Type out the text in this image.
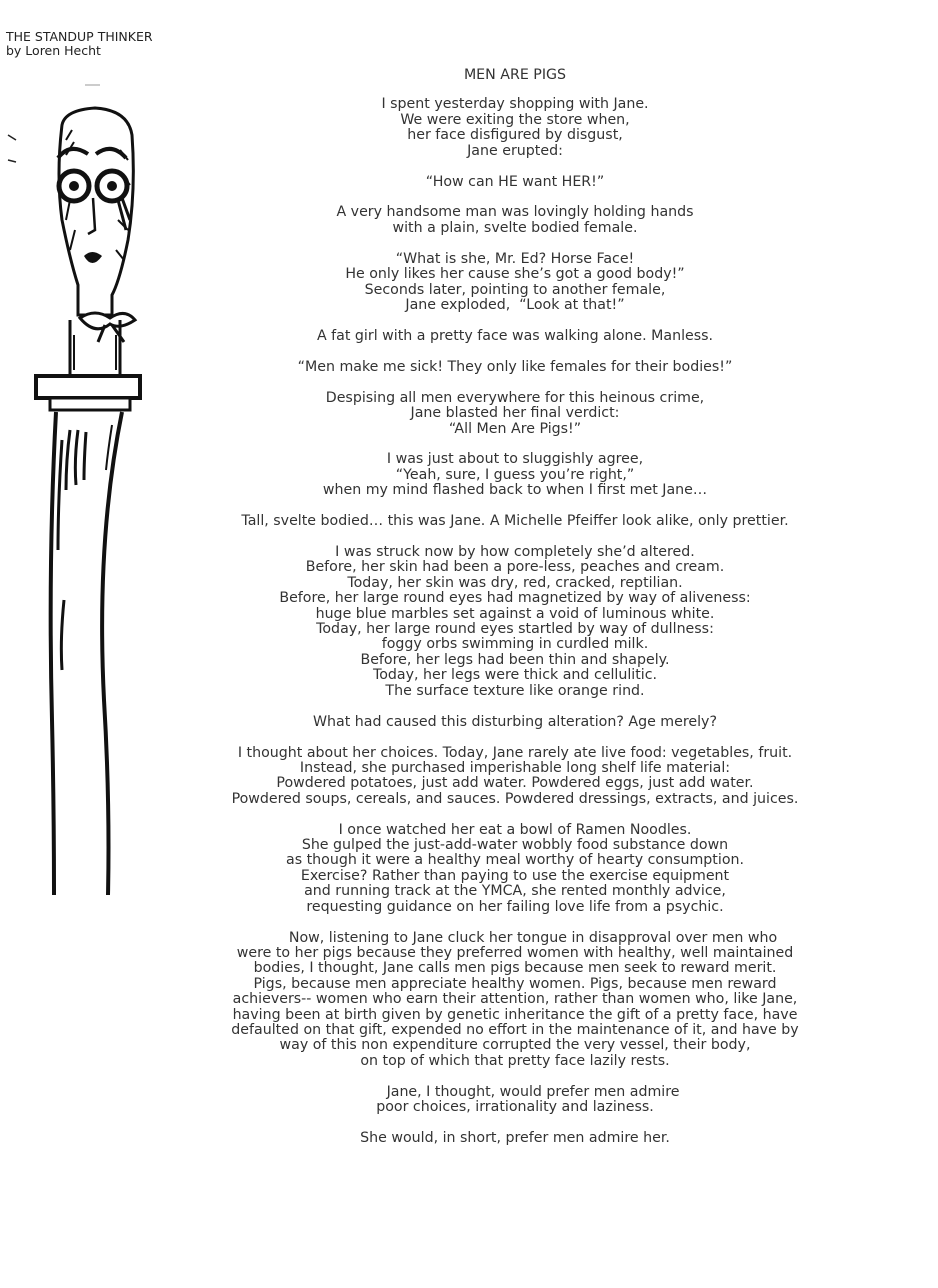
THE STANDUP THINKER
by Loren Hecht
MEN ARE PIGS
I spent yesterday shopping with Jane.
We were exiting the store when,
her face disfigured by disgust,
Jane erupted:
“How can HE want HER!”
A very handsome man was lovingly holding hands
with a plain, svelte bodied female.
“What is she, Mr. Ed? Horse Face!
He only likes her cause she’s got a good body!”
Seconds later, pointing to another female,
Jane exploded,  “Look at that!”
A fat girl with a pretty face was walking alone. Manless.
“Men make me sick! They only like females for their bodies!”
Despising all men everywhere for this heinous crime,
Jane blasted her final verdict:
“All Men Are Pigs!”
I was just about to sluggishly agree,
“Yeah, sure, I guess you’re right,”
when my mind flashed back to when I first met Jane…
Tall, svelte bodied… this was Jane. A Michelle Pfeiffer look alike, only prettier.
I was struck now by how completely she’d altered.
Before, her skin had been a pore-less, peaches and cream.
Today, her skin was dry, red, cracked, reptilian.
Before, her large round eyes had magnetized by way of aliveness:
huge blue marbles set against a void of luminous white.
Today, her large round eyes startled by way of dullness:
foggy orbs swimming in curdled milk.
Before, her legs had been thin and shapely.
Today, her legs were thick and cellulitic.
The surface texture like orange rind.
What had caused this disturbing alteration? Age merely?
I thought about her choices. Today, Jane rarely ate live food: vegetables, fruit.
Instead, she purchased imperishable long shelf life material:
Powdered potatoes, just add water. Powdered eggs, just add water.
Powdered soups, cereals, and sauces. Powdered dressings, extracts, and juices.
I once watched her eat a bowl of Ramen Noodles.
She gulped the just-add-water wobbly food substance down
as though it were a healthy meal worthy of hearty consumption.
Exercise? Rather than paying to use the exercise equipment
and running track at the YMCA, she rented monthly advice,
requesting guidance on her failing love life from a psychic.
Now, listening to Jane cluck her tongue in disapproval over men who
were to her pigs because they preferred women with healthy, well maintained
bodies, I thought, Jane calls men pigs because men seek to reward merit.
Pigs, because men appreciate healthy women. Pigs, because men reward
achievers-- women who earn their attention, rather than women who, like Jane,
having been at birth given by genetic inheritance the gift of a pretty face, have
defaulted on that gift, expended no effort in the maintenance of it, and have by
way of this non expenditure corrupted the very vessel, their body,
on top of which that pretty face lazily rests.
Jane, I thought, would prefer men admire
poor choices, irrationality and laziness.
She would, in short, prefer men admire her.
